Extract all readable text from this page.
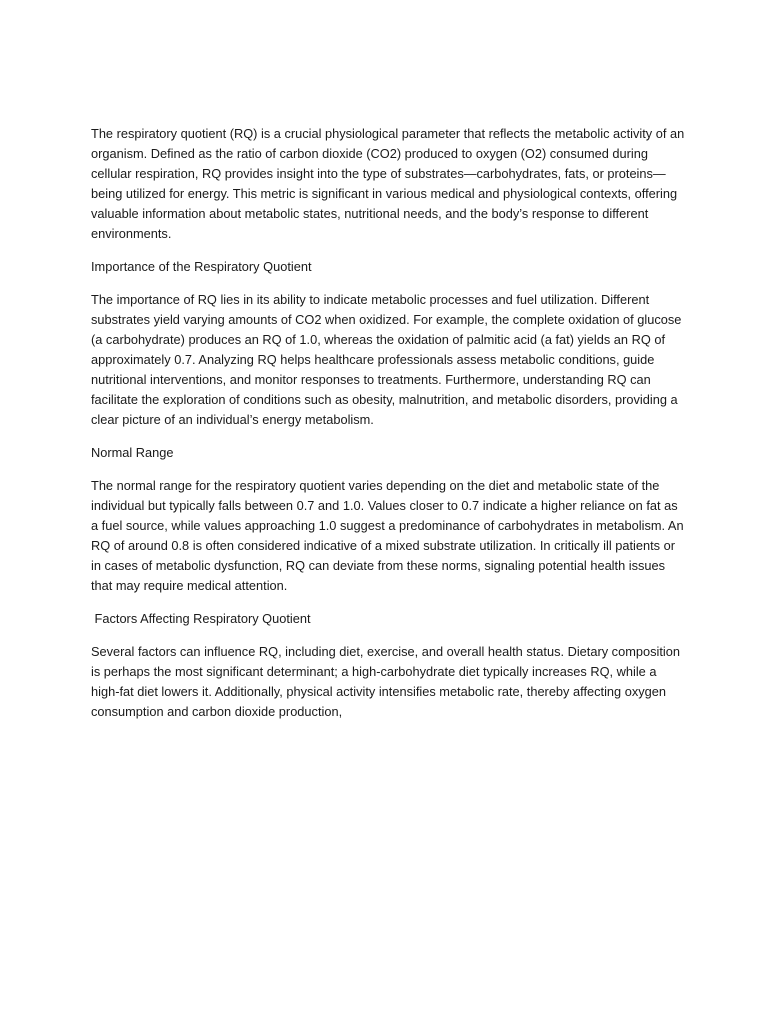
The respiratory quotient (RQ) is a crucial physiological parameter that reflects the metabolic activity of an organism. Defined as the ratio of carbon dioxide (CO2) produced to oxygen (O2) consumed during cellular respiration, RQ provides insight into the type of substrates—carbohydrates, fats, or proteins—being utilized for energy. This metric is significant in various medical and physiological contexts, offering valuable information about metabolic states, nutritional needs, and the body’s response to different environments.

Importance of the Respiratory Quotient

The importance of RQ lies in its ability to indicate metabolic processes and fuel utilization. Different substrates yield varying amounts of CO2 when oxidized. For example, the complete oxidation of glucose (a carbohydrate) produces an RQ of 1.0, whereas the oxidation of palmitic acid (a fat) yields an RQ of approximately 0.7. Analyzing RQ helps healthcare professionals assess metabolic conditions, guide nutritional interventions, and monitor responses to treatments. Furthermore, understanding RQ can facilitate the exploration of conditions such as obesity, malnutrition, and metabolic disorders, providing a clear picture of an individual’s energy metabolism.

Normal Range

The normal range for the respiratory quotient varies depending on the diet and metabolic state of the individual but typically falls between 0.7 and 1.0. Values closer to 0.7 indicate a higher reliance on fat as a fuel source, while values approaching 1.0 suggest a predominance of carbohydrates in metabolism. An RQ of around 0.8 is often considered indicative of a mixed substrate utilization. In critically ill patients or in cases of metabolic dysfunction, RQ can deviate from these norms, signaling potential health issues that may require medical attention.

Factors Affecting Respiratory Quotient

Several factors can influence RQ, including diet, exercise, and overall health status. Dietary composition is perhaps the most significant determinant; a high-carbohydrate diet typically increases RQ, while a high-fat diet lowers it. Additionally, physical activity intensifies metabolic rate, thereby affecting oxygen consumption and carbon dioxide production,
